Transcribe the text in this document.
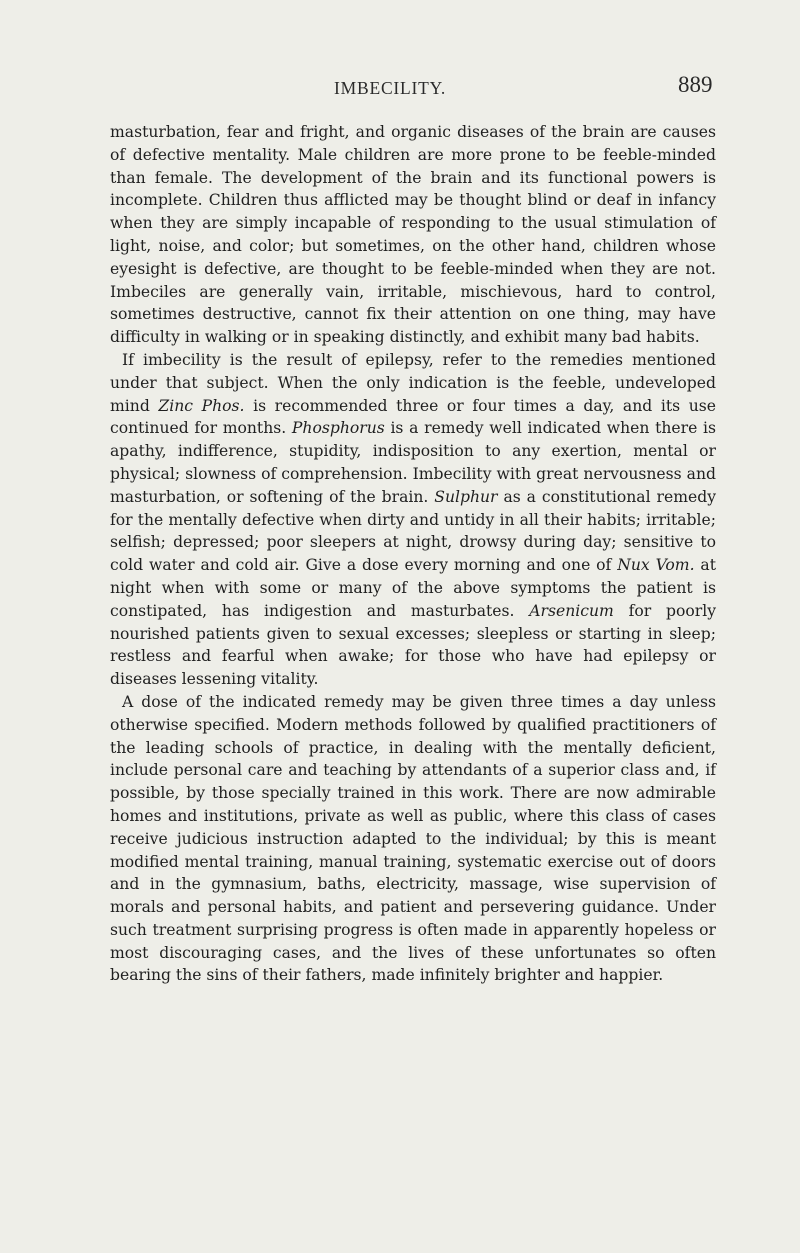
IMBECILITY.	889

masturbation, fear and fright, and organic diseases of the brain are causes of defective mentality. Male children are more prone to be feeble-minded than female. The development of the brain and its functional powers is incomplete. Children thus afflicted may be thought blind or deaf in infancy when they are simply incapable of responding to the usual stimulation of light, noise, and color; but sometimes, on the other hand, children whose eyesight is defective, are thought to be feeble-minded when they are not. Imbeciles are generally vain, irritable, mischievous, hard to control, sometimes destructive, cannot fix their attention on one thing, may have difficulty in walking or in speaking distinctly, and exhibit many bad habits.

If imbecility is the result of epilepsy, refer to the remedies mentioned under that subject. When the only indication is the feeble, undeveloped mind Zinc Phos. is recommended three or four times a day, and its use continued for months. Phosphorus is a remedy well indicated when there is apathy, indifference, stupidity, indisposition to any exertion, mental or physical; slowness of comprehension. Imbecility with great nervousness and masturbation, or softening of the brain. Sulphur as a constitutional remedy for the mentally defective when dirty and untidy in all their habits; irritable; selfish; depressed; poor sleepers at night, drowsy during day; sensitive to cold water and cold air. Give a dose every morning and one of Nux Vom. at night when with some or many of the above symptoms the patient is constipated, has indigestion and masturbates. Arsenicum for poorly nourished patients given to sexual excesses; sleepless or starting in sleep; restless and fearful when awake; for those who have had epilepsy or diseases lessening vitality.

A dose of the indicated remedy may be given three times a day unless otherwise specified. Modern methods followed by qualified practitioners of the leading schools of practice, in dealing with the mentally deficient, include personal care and teaching by attendants of a superior class and, if possible, by those specially trained in this work. There are now admirable homes and institutions, private as well as public, where this class of cases receive judicious instruction adapted to the individual; by this is meant modified mental training, manual training, systematic exercise out of doors and in the gymnasium, baths, electricity, massage, wise supervision of morals and personal habits, and patient and persevering guidance. Under such treatment surprising progress is often made in apparently hopeless or most discouraging cases, and the lives of these unfortunates so often bearing the sins of their fathers, made infinitely brighter and happier.
